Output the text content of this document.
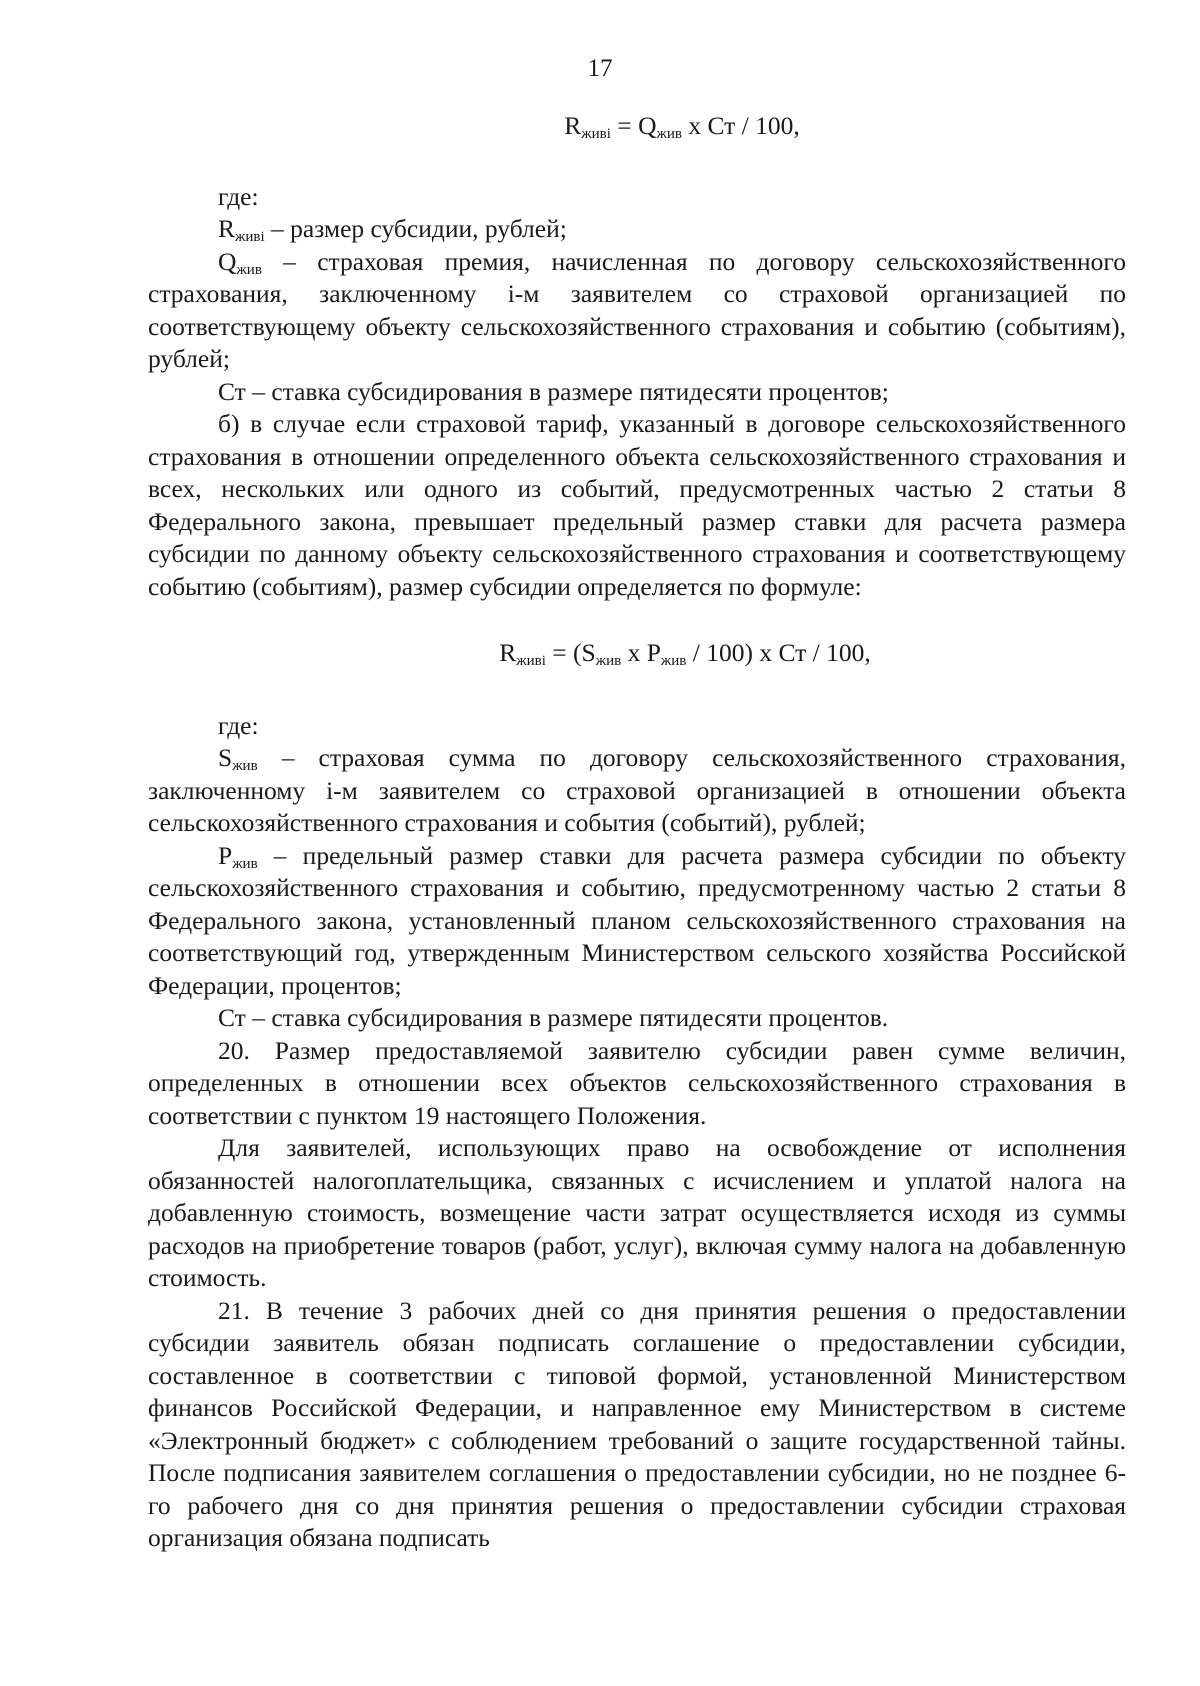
17
$R_{живi} = Q_{жив}$ x Ст / 100,

где:

$R_{живi}$ – размер субсидии, рублей;

$Q_{жив}$ – страховая премия, начисленная по договору сельскохозяйственного страхования, заключенному i-м заявителем со страховой организацией по соответствующему объекту сельскохозяйственного страхования и событию (событиям), рублей;

Ст – ставка субсидирования в размере пятидесяти процентов;

б) в случае если страховой тариф, указанный в договоре сельскохозяйственного страхования в отношении определенного объекта сельскохозяйственного страхования и всех, нескольких или одного из событий, предусмотренных частью 2 статьи 8 Федерального закона, превышает предельный размер ставки для расчета размера субсидии по данному объекту сельскохозяйственного страхования и соответствующему событию (событиям), размер субсидии определяется по формуле:

$R_{живi} = (S_{жив}$ x $P_{жив} / 100$) x Ст / 100,

где:

$S_{жив}$ – страховая сумма по договору сельскохозяйственного страхования, заключенному i-м заявителем со страховой организацией в отношении объекта сельскохозяйственного страхования и события (событий), рублей;

$P_{жив}$ – предельный размер ставки для расчета размера субсидии по объекту сельскохозяйственного страхования и событию, предусмотренному частью 2 статьи 8 Федерального закона, установленный планом сельскохозяйственного страхования на соответствующий год, утвержденным Министерством сельского хозяйства Российской Федерации, процентов;

Ст – ставка субсидирования в размере пятидесяти процентов.

20. Размер предоставляемой заявителю субсидии равен сумме величин, определенных в отношении всех объектов сельскохозяйственного страхования в соответствии с пунктом 19 настоящего Положения.

Для заявителей, использующих право на освобождение от исполнения обязанностей налогоплательщика, связанных с исчислением и уплатой налога на добавленную стоимость, возмещение части затрат осуществляется исходя из суммы расходов на приобретение товаров (работ, услуг), включая сумму налога на добавленную стоимость.

21. В течение 3 рабочих дней со дня принятия решения о предоставлении субсидии заявитель обязан подписать соглашение о предоставлении субсидии, составленное в соответствии с типовой формой, установленной Министерством финансов Российской Федерации, и направленное ему Министерством в системе «Электронный бюджет» с соблюдением требований о защите государственной тайны. После подписания заявителем соглашения о предоставлении субсидии, но не позднее 6-го рабочего дня со дня принятия решения о предоставлении субсидии страховая организация обязана подписать
